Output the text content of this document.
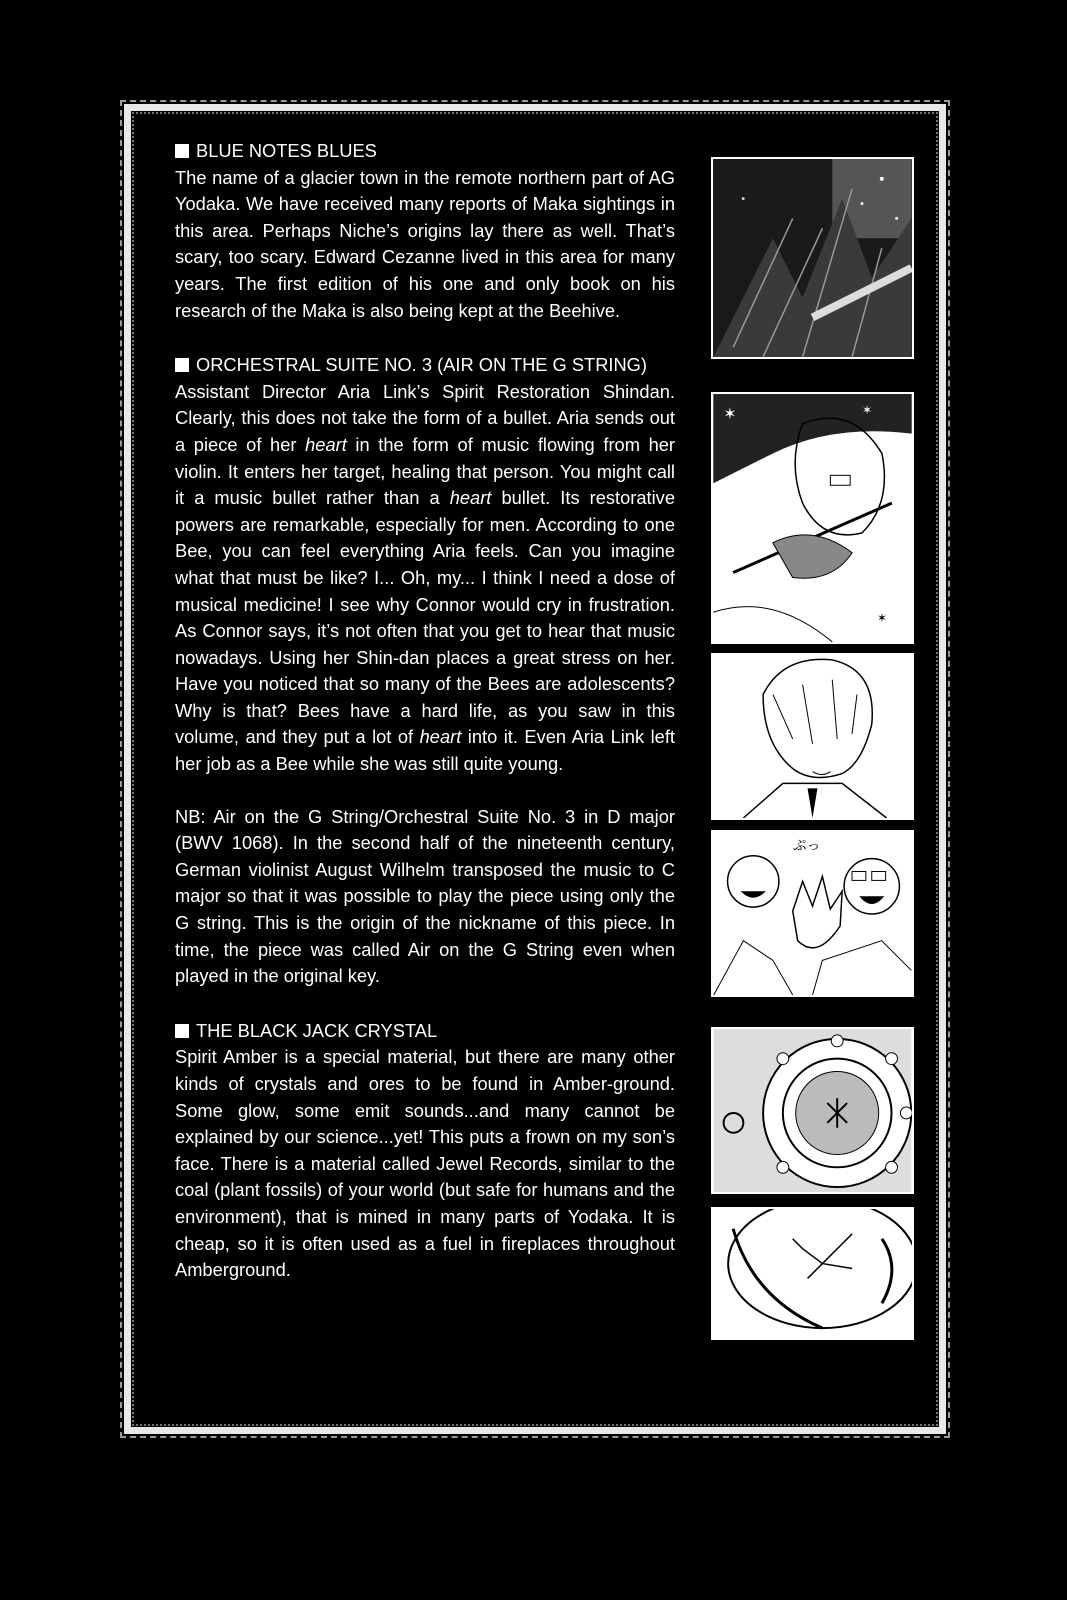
BLUE NOTES BLUES

The name of a glacier town in the remote northern part of AG Yodaka. We have received many reports of Maka sightings in this area. Perhaps Niche’s origins lay there as well. That’s scary, too scary. Edward Cezanne lived in this area for many years. The first edition of his one and only book on his research of the Maka is also being kept at the Beehive.

ORCHESTRAL SUITE NO. 3 (AIR ON THE G STRING)

Assistant Director Aria Link’s Spirit Restoration Shindan. Clearly, this does not take the form of a bullet. Aria sends out a piece of her heart in the form of music flowing from her violin. It enters her target, healing that person. You might call it a music bullet rather than a heart bullet. Its restorative powers are remarkable, especially for men. According to one Bee, you can feel everything Aria feels. Can you imagine what that must be like? I... Oh, my... I think I need a dose of musical medicine! I see why Connor would cry in frustration. As Connor says, it’s not often that you get to hear that music nowadays. Using her Shin-dan places a great stress on her. Have you noticed that so many of the Bees are adolescents? Why is that? Bees have a hard life, as you saw in this volume, and they put a lot of heart into it. Even Aria Link left her job as a Bee while she was still quite young.

NB: Air on the G String/Orchestral Suite No. 3 in D major (BWV 1068). In the second half of the nineteenth century, German violinist August Wilhelm transposed the music to C major so that it was possible to play the piece using only the G string. This is the origin of the nickname of this piece. In time, the piece was called Air on the G String even when played in the original key.

THE BLACK JACK CRYSTAL

Spirit Amber is a special material, but there are many other kinds of crystals and ores to be found in Amber-ground. Some glow, some emit sounds...and many cannot be explained by our science...yet! This puts a frown on my son’s face. There is a material called Jewel Records, similar to the coal (plant fossils) of your world (but safe for humans and the environment), that is mined in many parts of Yodaka. It is cheap, so it is often used as a fuel in fireplaces throughout Amberground.

✶	✶
✶
ぷっ
